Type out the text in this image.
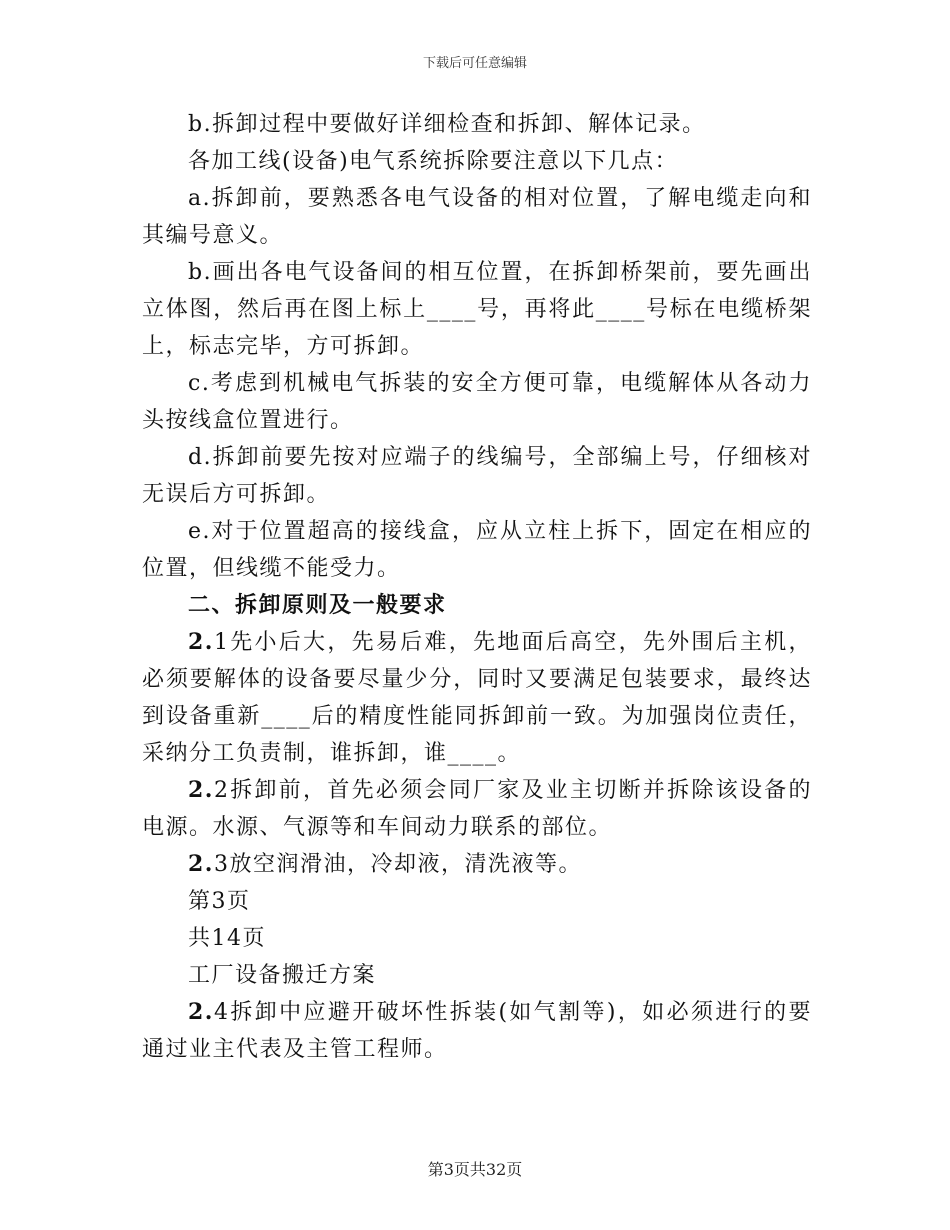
下载后可任意编辑

b.拆卸过程中要做好详细检查和拆卸、解体记录。

各加工线(设备)电气系统拆除要注意以下几点：

a.拆卸前，要熟悉各电气设备的相对位置，了解电缆走向和其编号意义。

b.画出各电气设备间的相互位置，在拆卸桥架前，要先画出立体图，然后再在图上标上____号，再将此____号标在电缆桥架上，标志完毕，方可拆卸。

c.考虑到机械电气拆装的安全方便可靠，电缆解体从各动力头按线盒位置进行。

d.拆卸前要先按对应端子的线编号，全部编上号，仔细核对无误后方可拆卸。

e.对于位置超高的接线盒，应从立柱上拆下，固定在相应的位置，但线缆不能受力。

二、拆卸原则及一般要求

2.1先小后大，先易后难，先地面后高空，先外围后主机，必须要解体的设备要尽量少分，同时又要满足包装要求，最终达到设备重新____后的精度性能同拆卸前一致。为加强岗位责任，采纳分工负责制，谁拆卸，谁____。

2.2拆卸前，首先必须会同厂家及业主切断并拆除该设备的电源。水源、气源等和车间动力联系的部位。

2.3放空润滑油，冷却液，清洗液等。

第3页

共14页

工厂设备搬迁方案

2.4拆卸中应避开破坏性拆装(如气割等)，如必须进行的要通过业主代表及主管工程师。

第3页共32页
